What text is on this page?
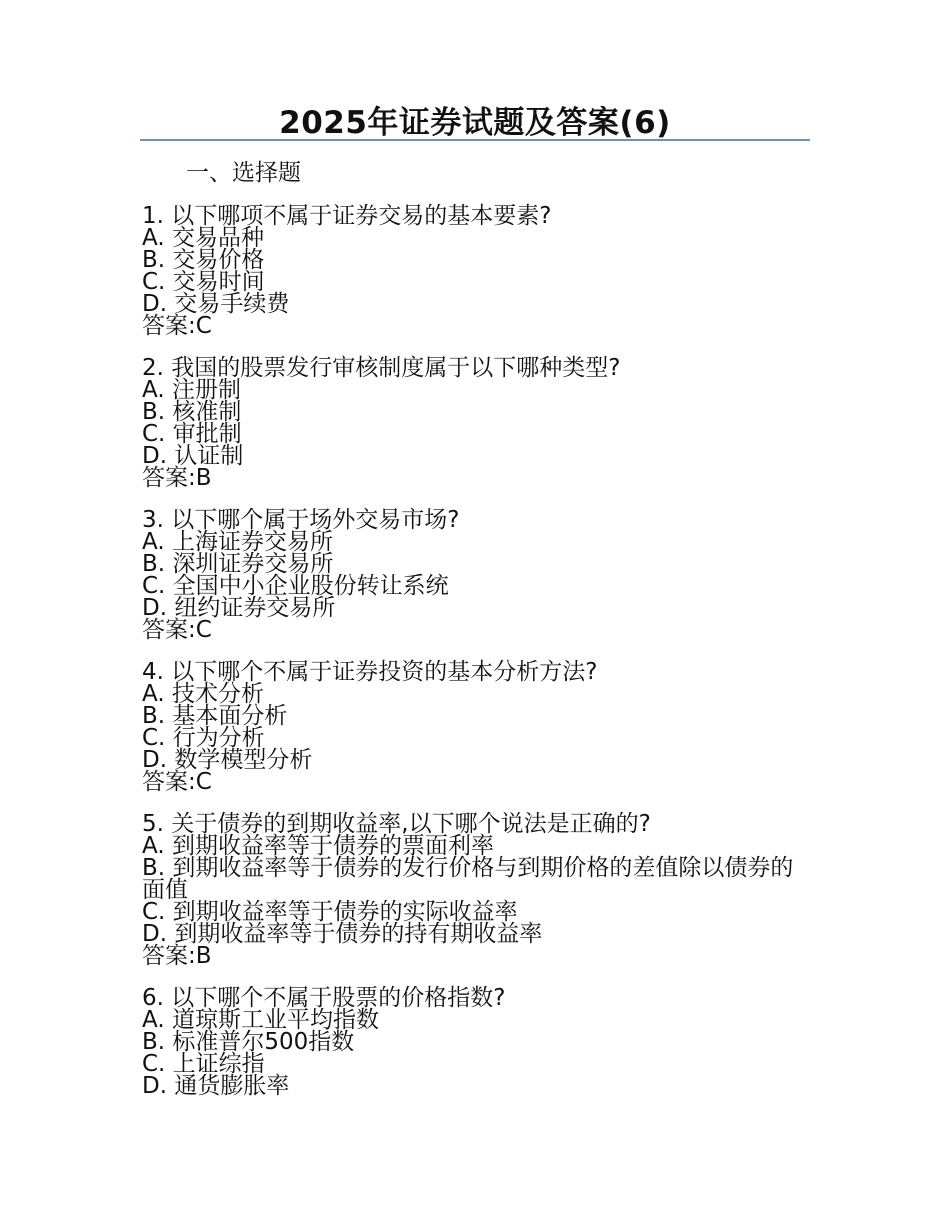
2025年证券试题及答案(6)
一、选择题
1. 以下哪项不属于证券交易的基本要素?
A. 交易品种
B. 交易价格
C. 交易时间
D. 交易手续费
答案:C
2. 我国的股票发行审核制度属于以下哪种类型?
A. 注册制
B. 核准制
C. 审批制
D. 认证制
答案:B
3. 以下哪个属于场外交易市场?
A. 上海证券交易所
B. 深圳证券交易所
C. 全国中小企业股份转让系统
D. 纽约证券交易所
答案:C
4. 以下哪个不属于证券投资的基本分析方法?
A. 技术分析
B. 基本面分析
C. 行为分析
D. 数学模型分析
答案:C
5. 关于债券的到期收益率,以下哪个说法是正确的?
A. 到期收益率等于债券的票面利率
B. 到期收益率等于债券的发行价格与到期价格的差值除以债券的面值
C. 到期收益率等于债券的实际收益率
D. 到期收益率等于债券的持有期收益率
答案:B
6. 以下哪个不属于股票的价格指数?
A. 道琼斯工业平均指数
B. 标准普尔500指数
C. 上证综指
D. 通货膨胀率
